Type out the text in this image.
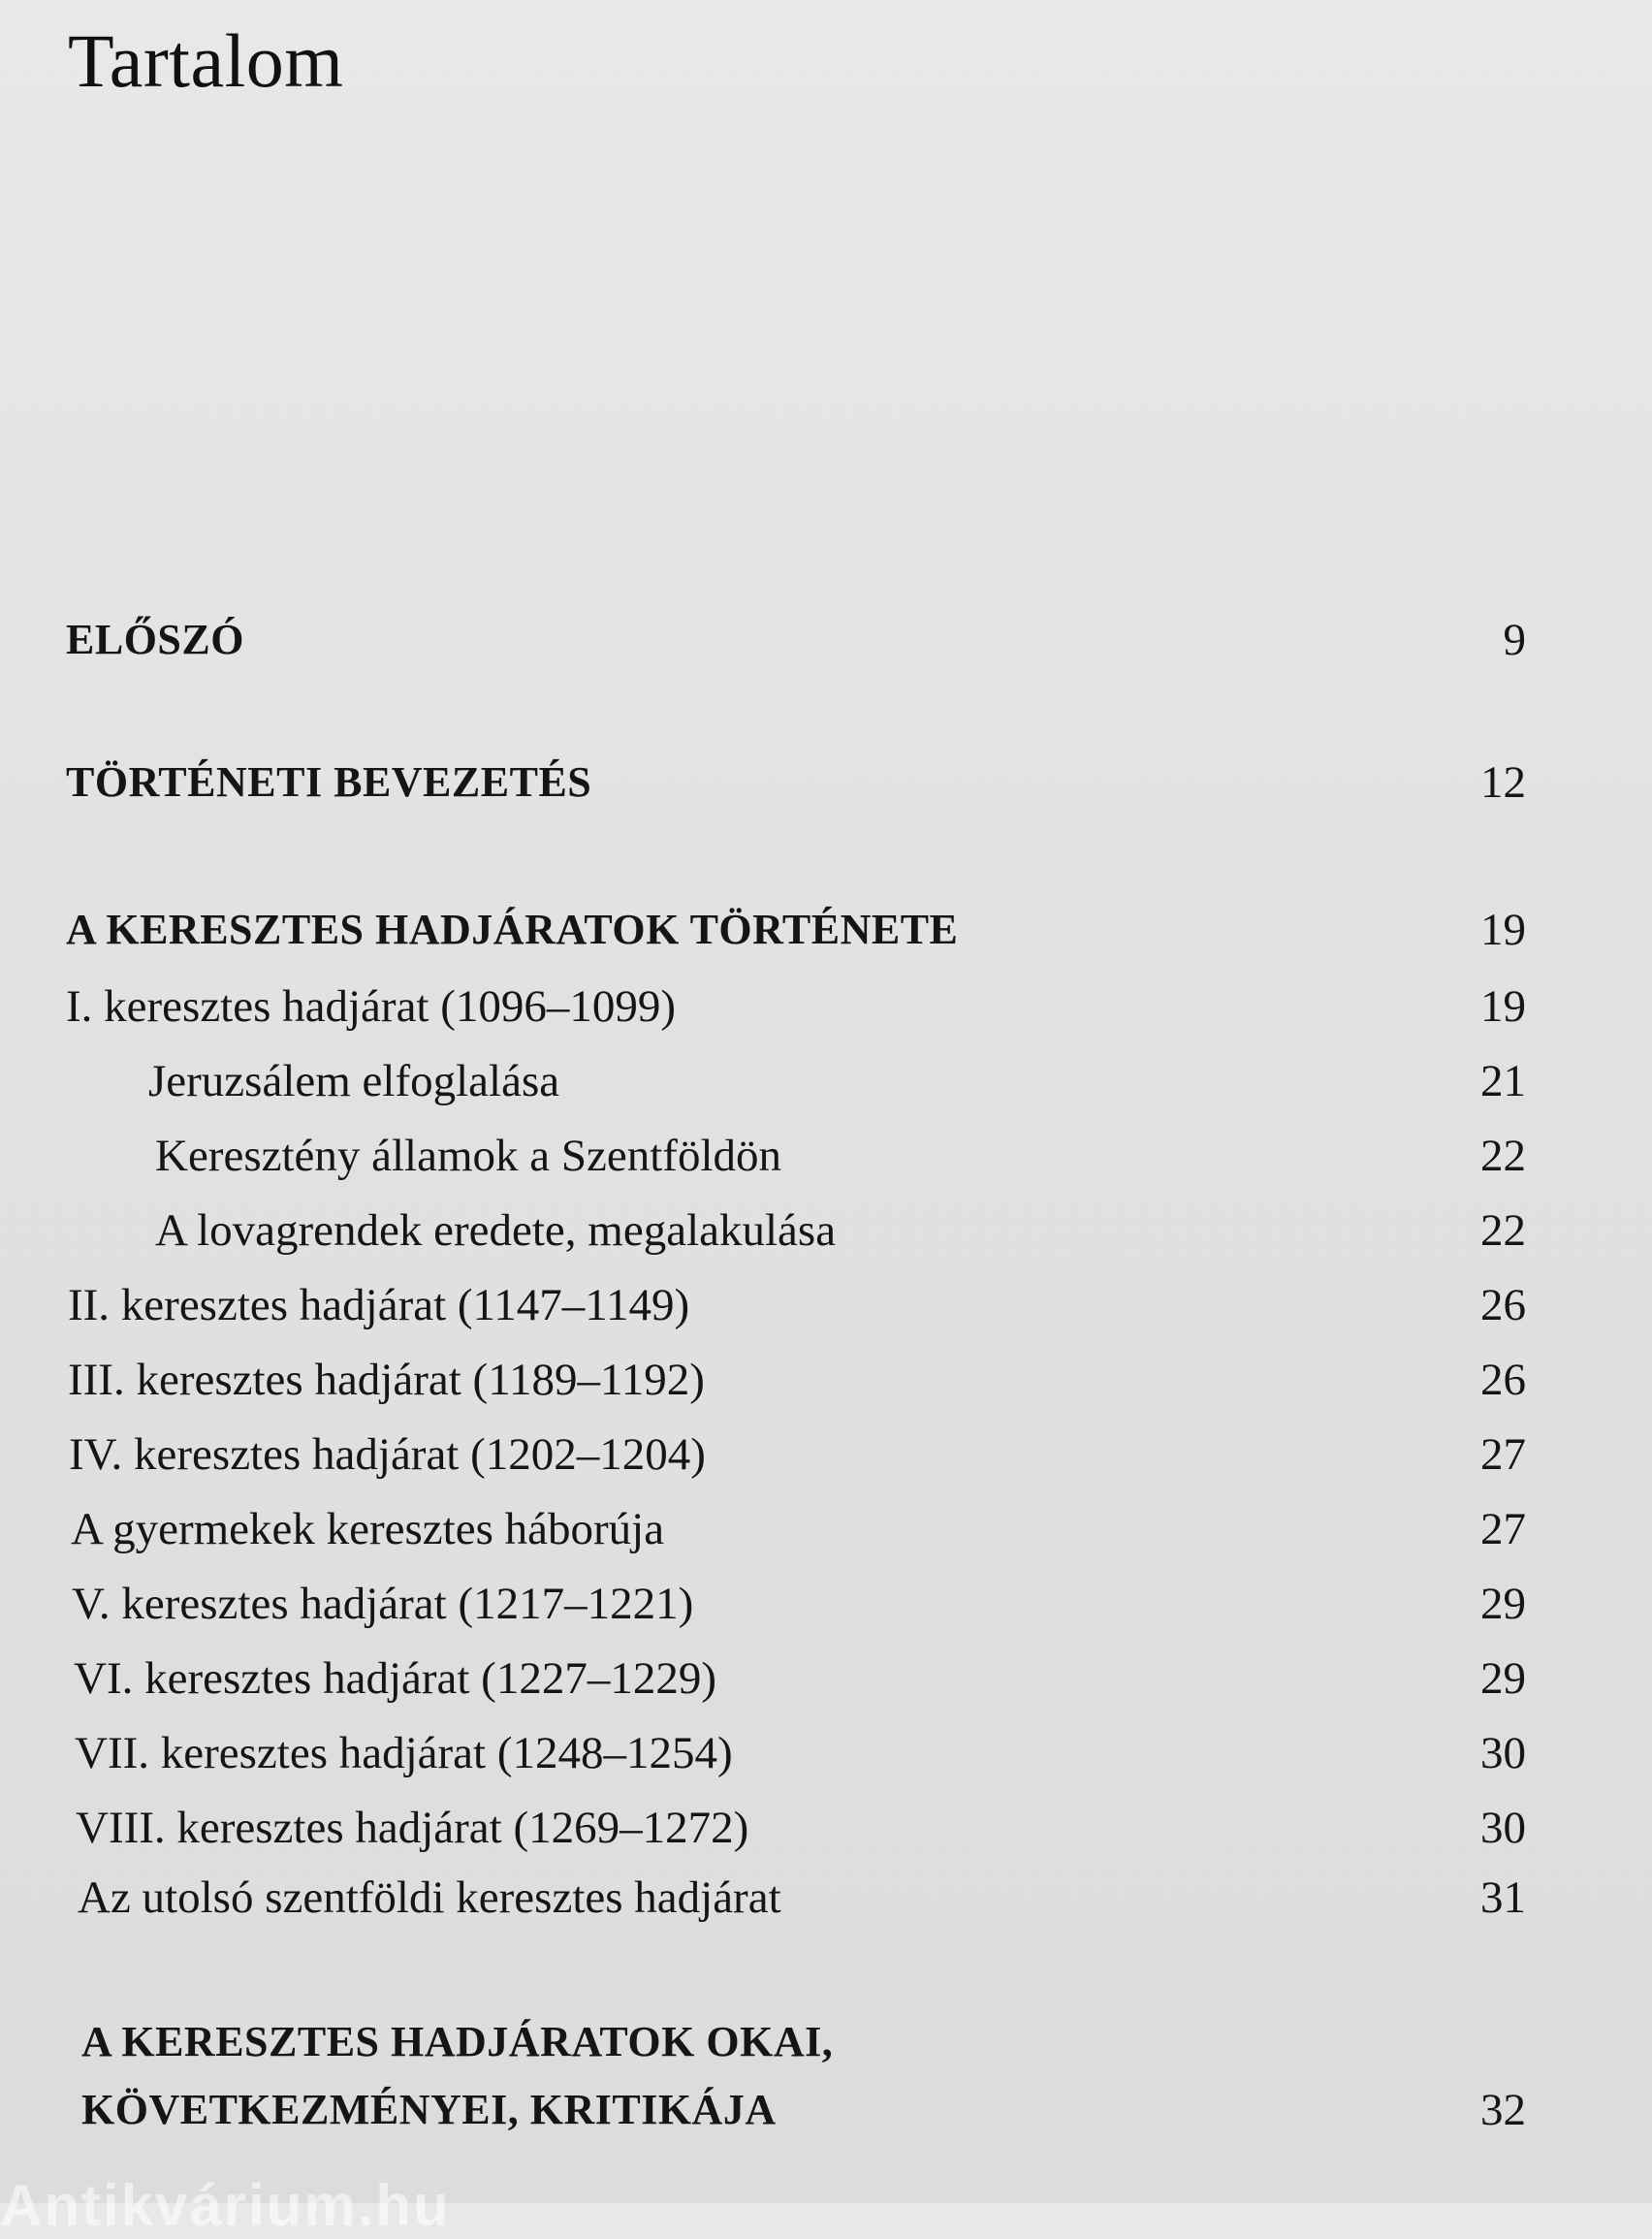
Tartalom
ELŐSZÓ	9
TÖRTÉNETI BEVEZETÉS	12
A KERESZTES HADJÁRATOK TÖRTÉNETE	19
I. keresztes hadjárat (1096–1099)	19
Jeruzsálem elfoglalása	21
Keresztény államok a Szentföldön	22
A lovagrendek eredete, megalakulása	22
II. keresztes hadjárat (1147–1149)	26
III. keresztes hadjárat (1189–1192)	26
IV. keresztes hadjárat (1202–1204)	27
A gyermekek keresztes háborúja	27
V. keresztes hadjárat (1217–1221)	29
VI. keresztes hadjárat (1227–1229)	29
VII. keresztes hadjárat (1248–1254)	30
VIII. keresztes hadjárat (1269–1272)	30
Az utolsó szentföldi keresztes hadjárat	31
A KERESZTES HADJÁRATOK OKAI,
KÖVETKEZMÉNYEI, KRITIKÁJA	32
Antikvárium.hu
